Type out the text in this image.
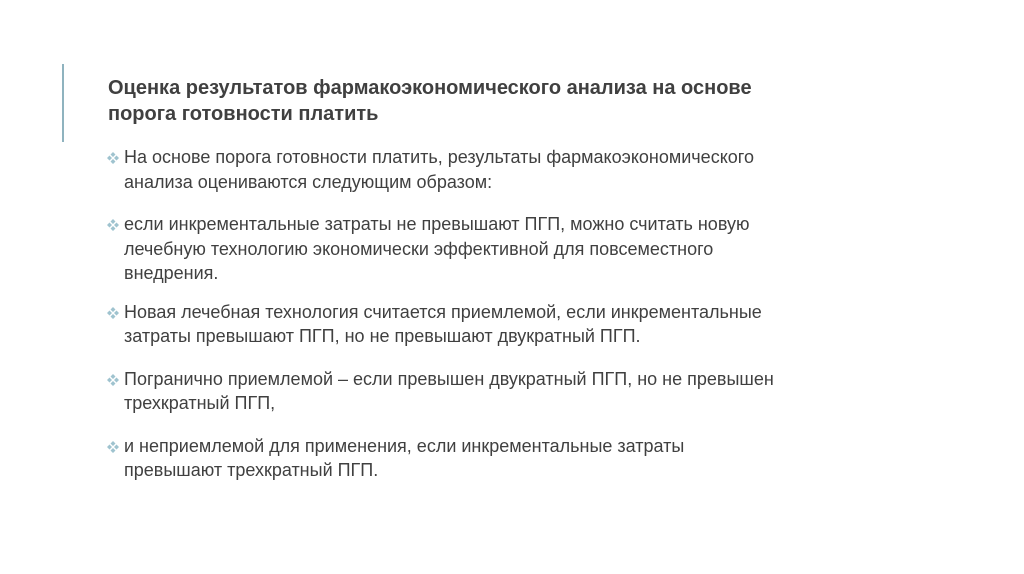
Оценка результатов фармакоэкономического анализа на основе
порога готовности платить
На основе порога готовности платить, результаты фармакоэкономического
анализа оцениваются следующим образом:
если инкрементальные затраты не превышают ПГП, можно считать новую
лечебную технологию экономически эффективной для повсеместного
внедрения.
Новая лечебная технология считается приемлемой, если инкрементальные
затраты превышают ПГП, но не превышают двукратный ПГП.
Погранично приемлемой – если превышен двукратный ПГП, но не превышен
трехкратный ПГП,
и неприемлемой для применения, если инкрементальные затраты
превышают трехкратный ПГП.
